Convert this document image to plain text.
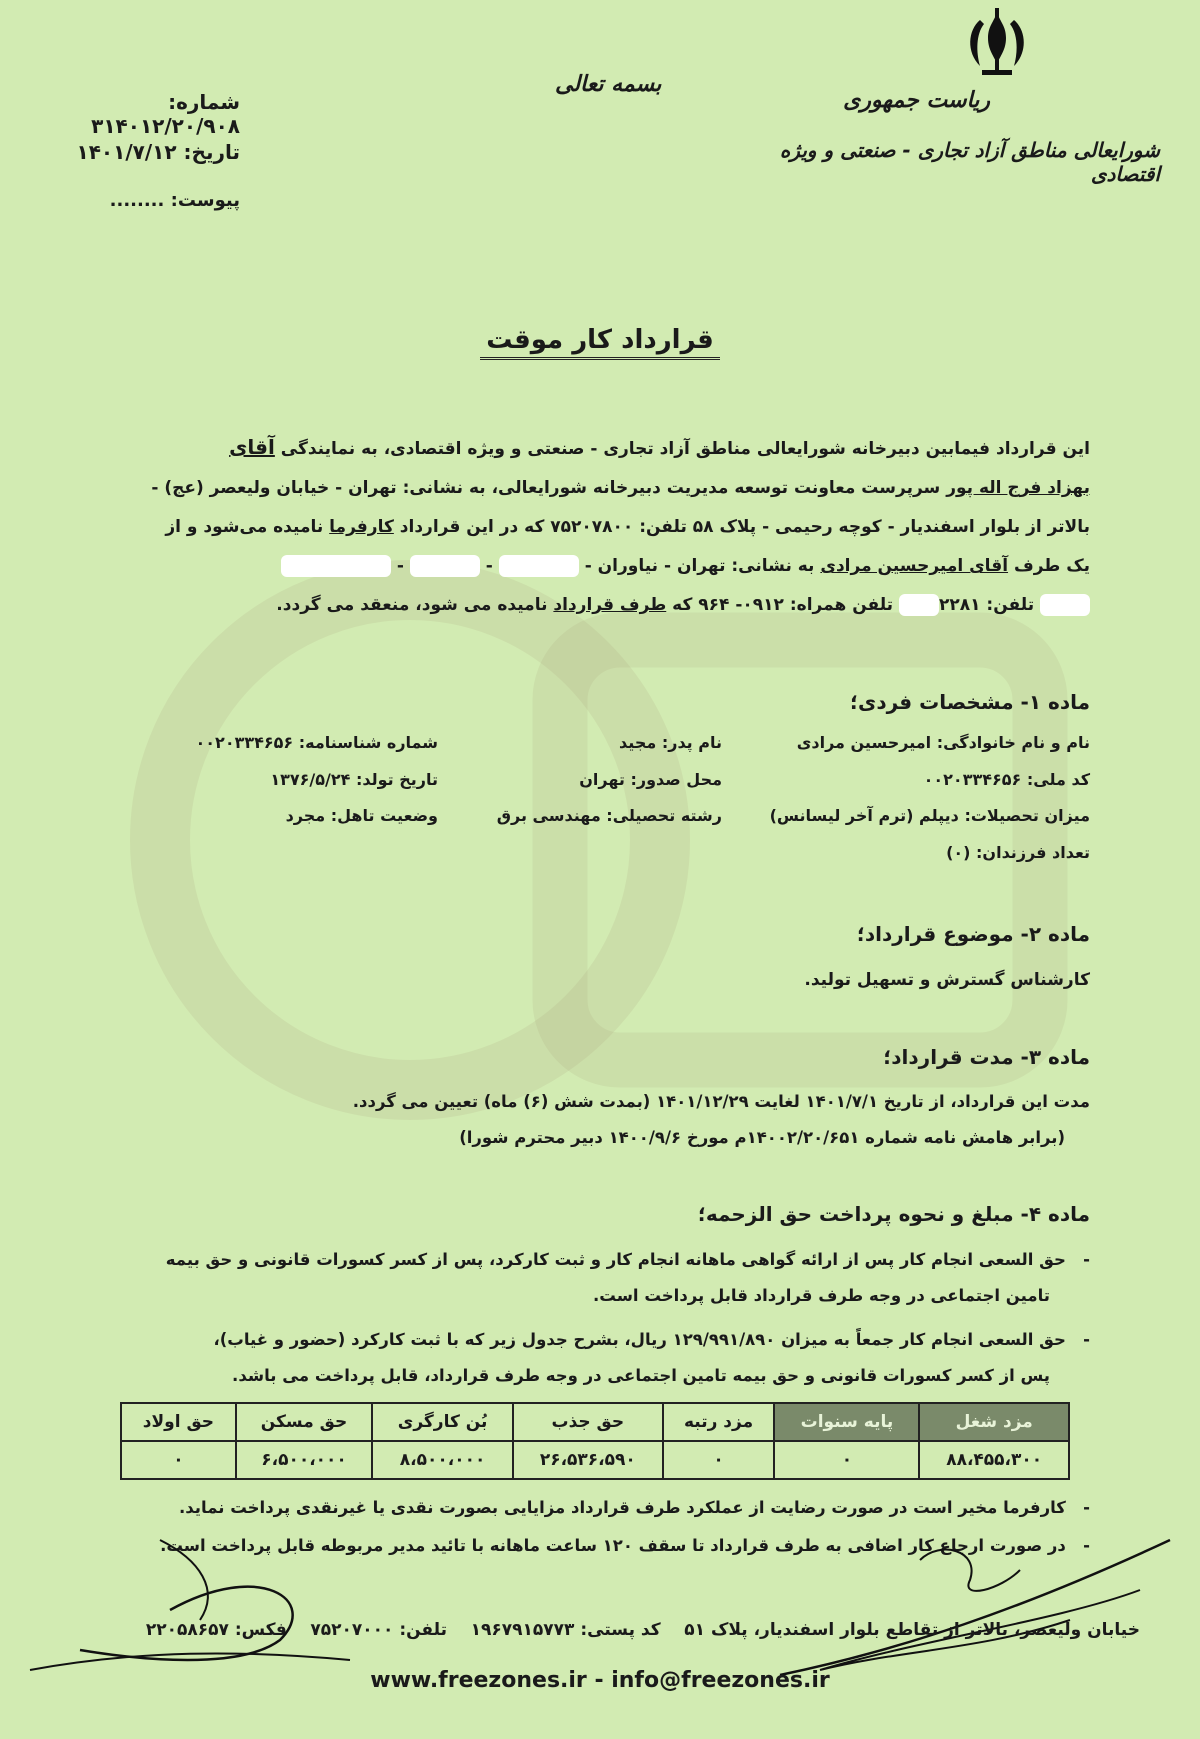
ریاست جمهوری
شورایعالی مناطق آزاد تجاری - صنعتی و ویژه اقتصادی
بسمه تعالی
شماره: ۳۱۴۰۱۲/۲۰/۹۰۸
تاریخ: ۱۴۰۱/۷/۱۲
پیوست: ........
قرارداد کار موقت
این قرارداد فیمابین دبیرخانه شورایعالی مناطق آزاد تجاری - صنعتی و ویژه اقتصادی، به نمایندگی آقای
بهزاد فرج اله پور سرپرست معاونت توسعه مدیریت دبیرخانه شورایعالی، به نشانی: تهران - خیابان ولیعصر (عج) -
بالاتر از بلوار اسفندیار - کوچه رحیمی - پلاک ۵۸ تلفن: ۷۵۲۰۷۸۰۰ که در این قرارداد کارفرما نامیده می‌شود و از
یک طرف آقای امیرحسین مرادی به نشانی: تهران - نیاوران -  -  -
تلفن: ۲۲۸۱ تلفن همراه: ۰۹۱۲- ۹۶۴ که طرف قرارداد نامیده می شود، منعقد می گردد.
ماده ۱- مشخصات فردی؛
نام و نام خانوادگی: امیرحسین مرادی
نام پدر: مجید
شماره شناسنامه: ۰۰۲۰۳۳۴۶۵۶
کد ملی: ۰۰۲۰۳۳۴۶۵۶
محل صدور: تهران
تاریخ تولد: ۱۳۷۶/۵/۲۴
میزان تحصیلات: دیپلم (ترم آخر لیسانس)
رشته تحصیلی: مهندسی برق
وضعیت تاهل: مجرد
تعداد فرزندان: (۰)
ماده ۲- موضوع قرارداد؛
کارشناس گسترش و تسهیل تولید.
ماده ۳- مدت قرارداد؛
مدت این قرارداد، از تاریخ ۱۴۰۱/۷/۱ لغایت ۱۴۰۱/۱۲/۲۹ (بمدت شش (۶) ماه) تعیین می گردد.
(برابر هامش نامه شماره ۱۴۰۰۲/۲۰/۶۵۱م مورخ ۱۴۰۰/۹/۶ دبیر محترم شورا)
ماده ۴- مبلغ و نحوه پرداخت حق الزحمه؛
-   حق السعی انجام کار پس از ارائه گواهی ماهانه انجام کار و ثبت کارکرد، پس از کسر کسورات قانونی و حق بیمه
تامین اجتماعی در وجه طرف قرارداد قابل پرداخت است.
-   حق السعی انجام کار جمعاً به میزان ۱۲۹/۹۹۱/۸۹۰ ریال، بشرح جدول زیر که با ثبت کارکرد (حضور و غیاب)،
پس از کسر کسورات قانونی و حق بیمه تامین اجتماعی در وجه طرف قرارداد، قابل پرداخت می باشد.
مزد شغل	پایه سنوات	مزد رتبه	حق جذب	بُن کارگری	حق مسکن	حق اولاد
۸۸،۴۵۵،۳۰۰	۰	۰	۲۶،۵۳۶،۵۹۰	۸،۵۰۰،۰۰۰	۶،۵۰۰،۰۰۰	۰
-   کارفرما مخیر است در صورت رضایت از عملکرد طرف قرارداد مزایایی بصورت نقدی یا غیرنقدی پرداخت نماید.
-   در صورت ارجاع کار اضافی به طرف قرارداد تا سقف ۱۲۰ ساعت ماهانه با تائید مدیر مربوطه قابل پرداخت است.
خیابان ولیعصر، بالاتر از تقاطع بلوار اسفندیار، پلاک ۵۱    کد پستی: ۱۹۶۷۹۱۵۷۷۳    تلفن: ۷۵۲۰۷۰۰۰    فکس: ۲۲۰۵۸۶۵۷
www.freezones.ir - info@freezones.ir
